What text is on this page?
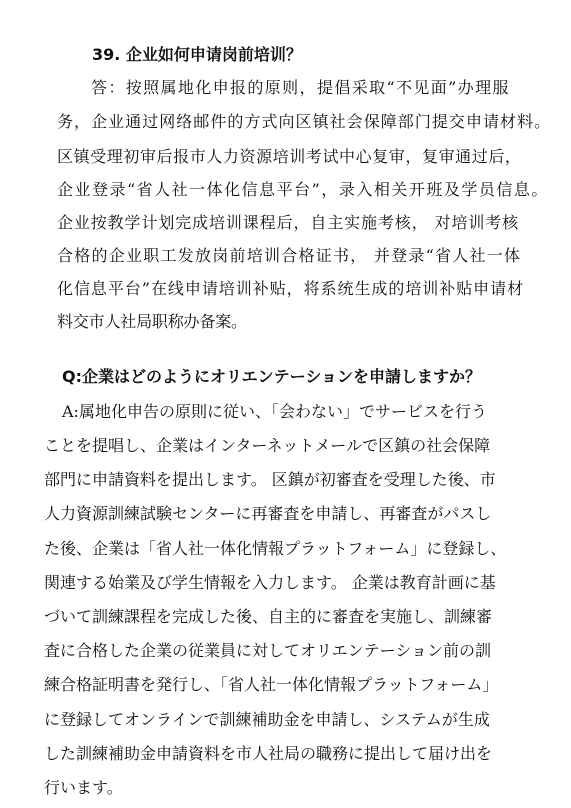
39. 企业如何申请岗前培训？
答：按照属地化申报的原则，提倡采取“不见面”办理服
务，企业通过网络邮件的方式向区镇社会保障部门提交申请材料。
区镇受理初审后报市人力资源培训考试中心复审，复审通过后，
企业登录“省人社一体化信息平台”，录入相关开班及学员信息。
企业按教学计划完成培训课程后，自主实施考核， 对培训考核
合格的企业职工发放岗前培训合格证书， 并登录“省人社一体
化信息平台”在线申请培训补贴，将系统生成的培训补贴申请材
料交市人社局职称办备案。
Q:企業はどのようにオリエンテーションを申請しますか？
A:属地化申告の原則に従い、「会わない」でサービスを行う
ことを提唱し、企業はインターネットメールで区鎮の社会保障
部門に申請資料を提出します。 区鎮が初審査を受理した後、市
人力資源訓練試験センターに再審査を申請し、再審査がパスし
た後、企業は「省人社一体化情報プラットフォーム」に登録し、
関連する始業及び学生情報を入力します。 企業は教育計画に基
づいて訓練課程を完成した後、自主的に審査を実施し、訓練審
査に合格した企業の従業員に対してオリエンテーション前の訓
練合格証明書を発行し、「省人社一体化情報プラットフォーム」
に登録してオンラインで訓練補助金を申請し、システムが生成
した訓練補助金申請資料を市人社局の職務に提出して届け出を
行います。
